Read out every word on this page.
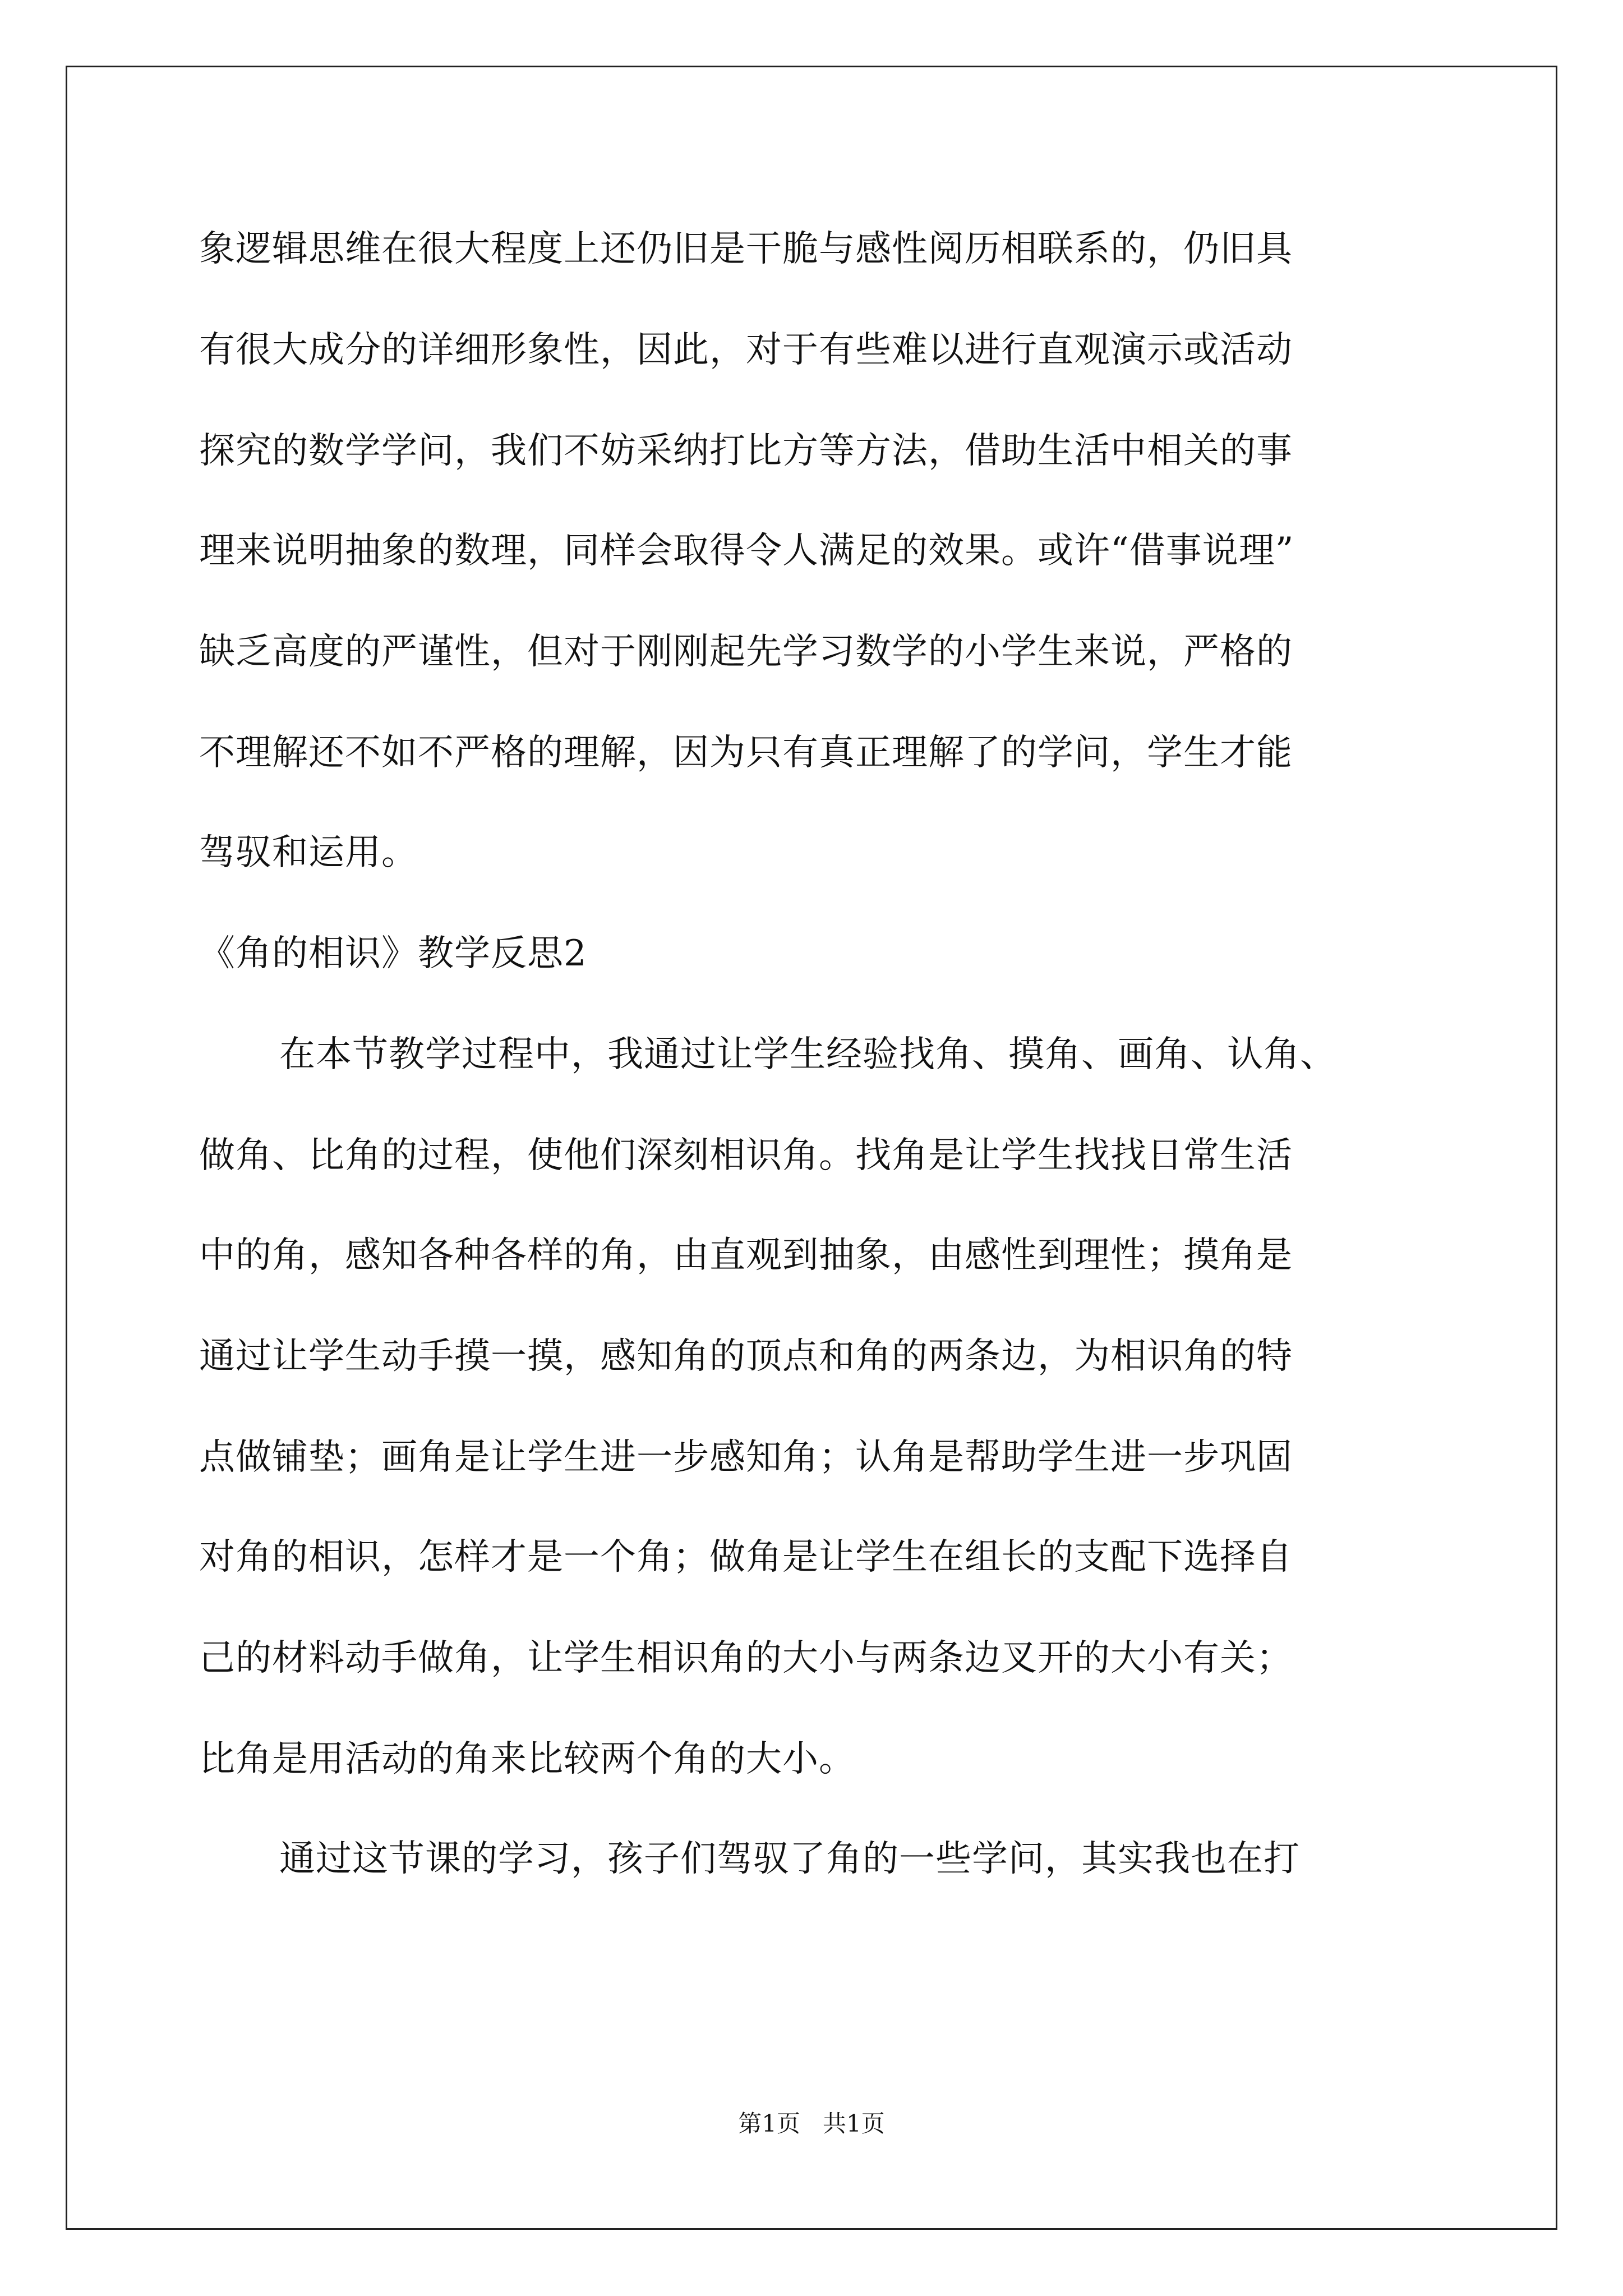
象逻辑思维在很大程度上还仍旧是干脆与感性阅历相联系的，仍旧具
有很大成分的详细形象性，因此，对于有些难以进行直观演示或活动
探究的数学学问，我们不妨采纳打比方等方法，借助生活中相关的事
理来说明抽象的数理，同样会取得令人满足的效果。或许“借事说理”
缺乏高度的严谨性，但对于刚刚起先学习数学的小学生来说，严格的
不理解还不如不严格的理解，因为只有真正理解了的学问，学生才能
驾驭和运用。
《角的相识》教学反思2
在本节教学过程中，我通过让学生经验找角、摸角、画角、认角、
做角、比角的过程，使他们深刻相识角。找角是让学生找找日常生活
中的角，感知各种各样的角，由直观到抽象，由感性到理性；摸角是
通过让学生动手摸一摸，感知角的顶点和角的两条边，为相识角的特
点做铺垫；画角是让学生进一步感知角；认角是帮助学生进一步巩固
对角的相识，怎样才是一个角；做角是让学生在组长的支配下选择自
己的材料动手做角，让学生相识角的大小与两条边叉开的大小有关；
比角是用活动的角来比较两个角的大小。
通过这节课的学习，孩子们驾驭了角的一些学问，其实我也在打
第1页   共1页
